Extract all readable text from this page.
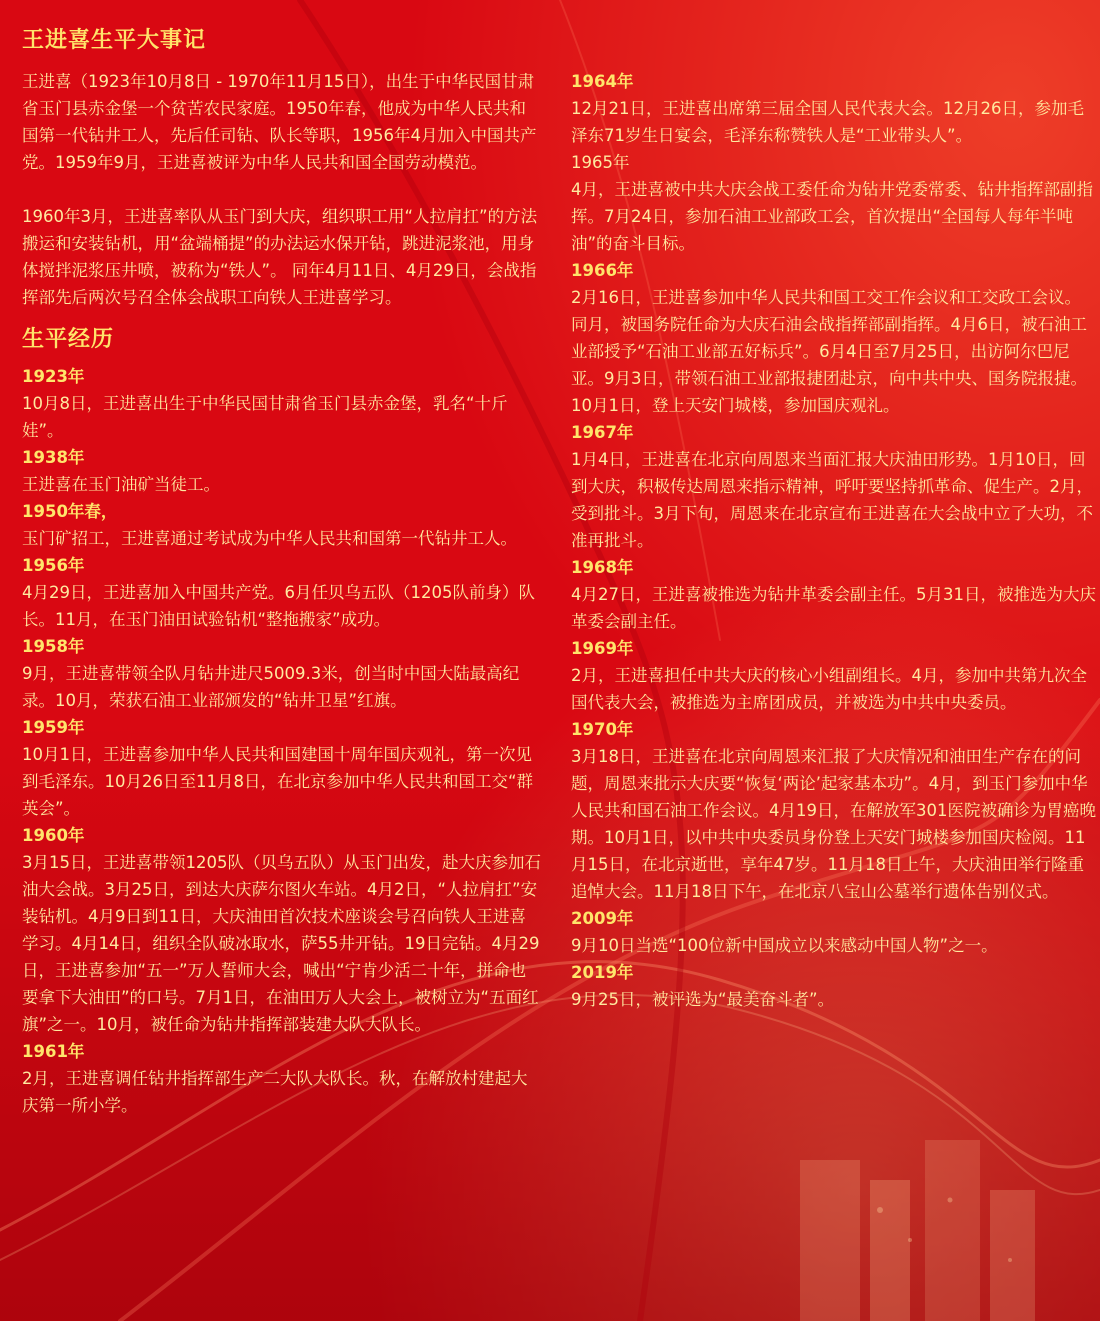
王进喜生平大事记
王进喜（1923年10月8日 - 1970年11月15日），出生于中华民国甘肃省玉门县赤金堡一个贫苦农民家庭。1950年春，他成为中华人民共和国第一代钻井工人，先后任司钻、队长等职，1956年4月加入中国共产党。1959年9月，王进喜被评为中华人民共和国全国劳动模范。
1960年3月，王进喜率队从玉门到大庆，组织职工用“人拉肩扛”的方法搬运和安装钻机，用“盆端桶提”的办法运水保开钻，跳进泥浆池，用身体搅拌泥浆压井喷，被称为“铁人”。 同年4月11日、4月29日，会战指挥部先后两次号召全体会战职工向铁人王进喜学习。
生平经历
1923年
10月8日，王进喜出生于中华民国甘肃省玉门县赤金堡，乳名“十斤娃”。
1938年
王进喜在玉门油矿当徒工。
1950年春，
玉门矿招工，王进喜通过考试成为中华人民共和国第一代钻井工人。
1956年
4月29日，王进喜加入中国共产党。6月任贝乌五队（1205队前身）队长。11月，在玉门油田试验钻机“整拖搬家”成功。
1958年
9月，王进喜带领全队月钻井进尺5009.3米，创当时中国大陆最高纪录。10月，荣获石油工业部颁发的“钻井卫星”红旗。
1959年
10月1日，王进喜参加中华人民共和国建国十周年国庆观礼，第一次见到毛泽东。10月26日至11月8日，在北京参加中华人民共和国工交“群英会”。
1960年
3月15日，王进喜带领1205队（贝乌五队）从玉门出发，赴大庆参加石油大会战。3月25日，到达大庆萨尔图火车站。4月2日，“人拉肩扛”安装钻机。4月9日到11日，大庆油田首次技术座谈会号召向铁人王进喜学习。4月14日，组织全队破冰取水，萨55井开钻。19日完钻。4月29日，王进喜参加“五一”万人誓师大会，喊出“宁肯少活二十年，拼命也要拿下大油田”的口号。7月1日，在油田万人大会上，被树立为“五面红旗”之一。10月，被任命为钻井指挥部装建大队大队长。
1961年
2月，王进喜调任钻井指挥部生产二大队大队长。秋，在解放村建起大庆第一所小学。
1964年
12月21日，王进喜出席第三届全国人民代表大会。12月26日，参加毛泽东71岁生日宴会，毛泽东称赞铁人是“工业带头人”。
1965年
4月，王进喜被中共大庆会战工委任命为钻井党委常委、钻井指挥部副指挥。7月24日，参加石油工业部政工会，首次提出“全国每人每年半吨油”的奋斗目标。
1966年
2月16日，王进喜参加中华人民共和国工交工作会议和工交政工会议。同月，被国务院任命为大庆石油会战指挥部副指挥。4月6日，被石油工业部授予“石油工业部五好标兵”。6月4日至7月25日，出访阿尔巴尼亚。9月3日，带领石油工业部报捷团赴京，向中共中央、国务院报捷。10月1日，登上天安门城楼，参加国庆观礼。
1967年
1月4日，王进喜在北京向周恩来当面汇报大庆油田形势。1月10日，回到大庆，积极传达周恩来指示精神，呼吁要坚持抓革命、促生产。2月，受到批斗。3月下旬，周恩来在北京宣布王进喜在大会战中立了大功，不准再批斗。
1968年
4月27日，王进喜被推选为钻井革委会副主任。5月31日，被推选为大庆革委会副主任。
1969年
2月，王进喜担任中共大庆的核心小组副组长。4月，参加中共第九次全国代表大会，被推选为主席团成员，并被选为中共中央委员。
1970年
3月18日，王进喜在北京向周恩来汇报了大庆情况和油田生产存在的问题，周恩来批示大庆要“恢复‘两论’起家基本功”。4月，到玉门参加中华人民共和国石油工作会议。4月19日，在解放军301医院被确诊为胃癌晚期。10月1日，以中共中央委员身份登上天安门城楼参加国庆检阅。11月15日，在北京逝世，享年47岁。11月18日上午，大庆油田举行隆重追悼大会。11月18日下午，在北京八宝山公墓举行遗体告别仪式。
2009年
9月10日当选“100位新中国成立以来感动中国人物”之一。
2019年
9月25日，被评选为“最美奋斗者”。
